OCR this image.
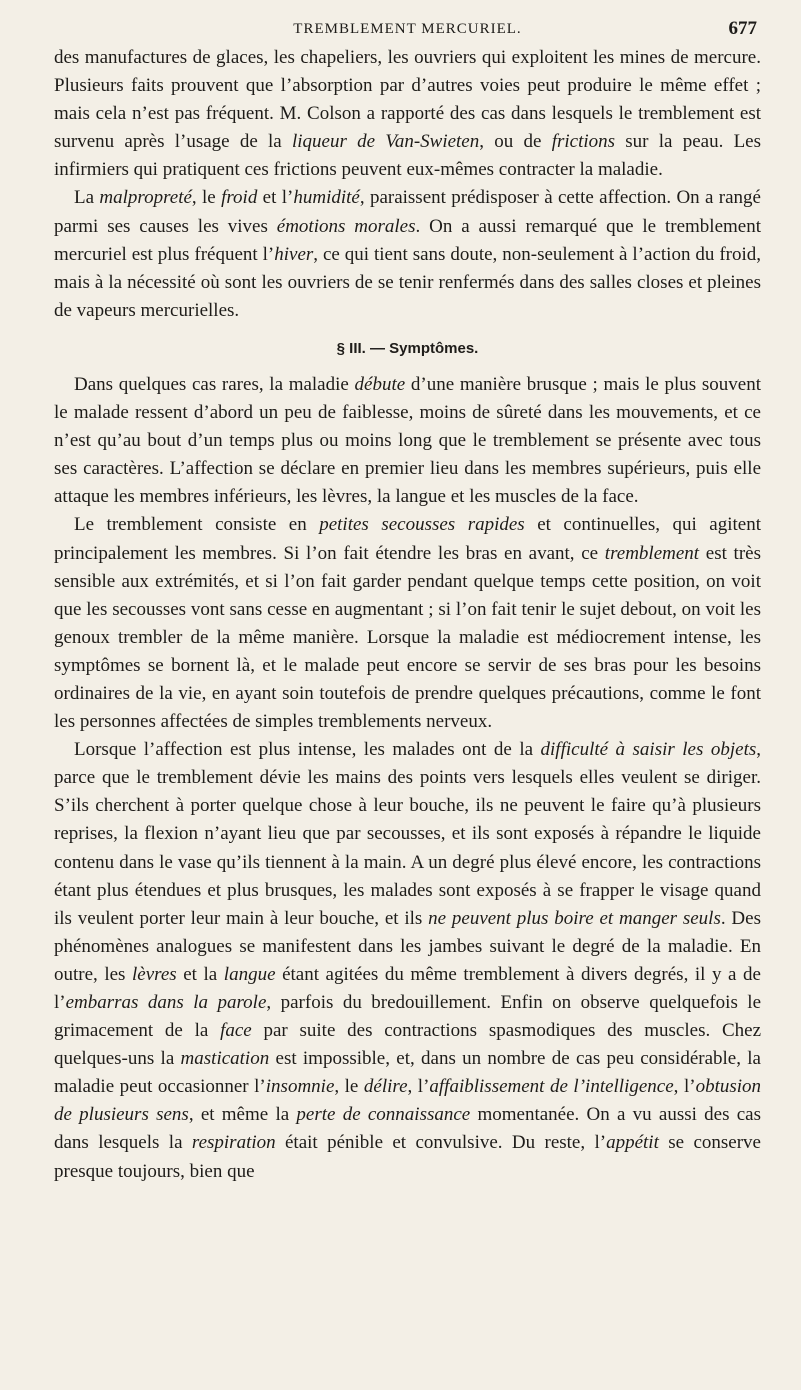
TREMBLEMENT MERCURIEL.	677

des manufactures de glaces, les chapeliers, les ouvriers qui exploitent les mines de mercure. Plusieurs faits prouvent que l’absorption par d’autres voies peut produire le même effet ; mais cela n’est pas fréquent. M. Colson a rapporté des cas dans lesquels le tremblement est survenu après l’usage de la liqueur de Van-Swieten, ou de frictions sur la peau. Les infirmiers qui pratiquent ces frictions peuvent eux-mêmes contracter la maladie.

La malpropreté, le froid et l’humidité, paraissent prédisposer à cette affection. On a rangé parmi ses causes les vives émotions morales. On a aussi remarqué que le tremblement mercuriel est plus fréquent l’hiver, ce qui tient sans doute, non-seulement à l’action du froid, mais à la nécessité où sont les ouvriers de se tenir renfermés dans des salles closes et pleines de vapeurs mercurielles.

§ III. — Symptômes.

Dans quelques cas rares, la maladie débute d’une manière brusque ; mais le plus souvent le malade ressent d’abord un peu de faiblesse, moins de sûreté dans les mouvements, et ce n’est qu’au bout d’un temps plus ou moins long que le tremblement se présente avec tous ses caractères. L’affection se déclare en premier lieu dans les membres supérieurs, puis elle attaque les membres inférieurs, les lèvres, la langue et les muscles de la face.

Le tremblement consiste en petites secousses rapides et continuelles, qui agitent principalement les membres. Si l’on fait étendre les bras en avant, ce tremblement est très sensible aux extrémités, et si l’on fait garder pendant quelque temps cette position, on voit que les secousses vont sans cesse en augmentant ; si l’on fait tenir le sujet debout, on voit les genoux trembler de la même manière. Lorsque la maladie est médiocrement intense, les symptômes se bornent là, et le malade peut encore se servir de ses bras pour les besoins ordinaires de la vie, en ayant soin toutefois de prendre quelques précautions, comme le font les personnes affectées de simples tremblements nerveux.

Lorsque l’affection est plus intense, les malades ont de la difficulté à saisir les objets, parce que le tremblement dévie les mains des points vers lesquels elles veulent se diriger. S’ils cherchent à porter quelque chose à leur bouche, ils ne peuvent le faire qu’à plusieurs reprises, la flexion n’ayant lieu que par secousses, et ils sont exposés à répandre le liquide contenu dans le vase qu’ils tiennent à la main. A un degré plus élevé encore, les contractions étant plus étendues et plus brusques, les malades sont exposés à se frapper le visage quand ils veulent porter leur main à leur bouche, et ils ne peuvent plus boire et manger seuls. Des phénomènes analogues se manifestent dans les jambes suivant le degré de la maladie. En outre, les lèvres et la langue étant agitées du même tremblement à divers degrés, il y a de l’embarras dans la parole, parfois du bredouillement. Enfin on observe quelquefois le grimacement de la face par suite des contractions spasmodiques des muscles. Chez quelques-uns la mastication est impossible, et, dans un nombre de cas peu considérable, la maladie peut occasionner l’insomnie, le délire, l’affaiblissement de l’intelligence, l’obtusion de plusieurs sens, et même la perte de connaissance momentanée. On a vu aussi des cas dans lesquels la respiration était pénible et convulsive. Du reste, l’appétit se conserve presque toujours, bien que
